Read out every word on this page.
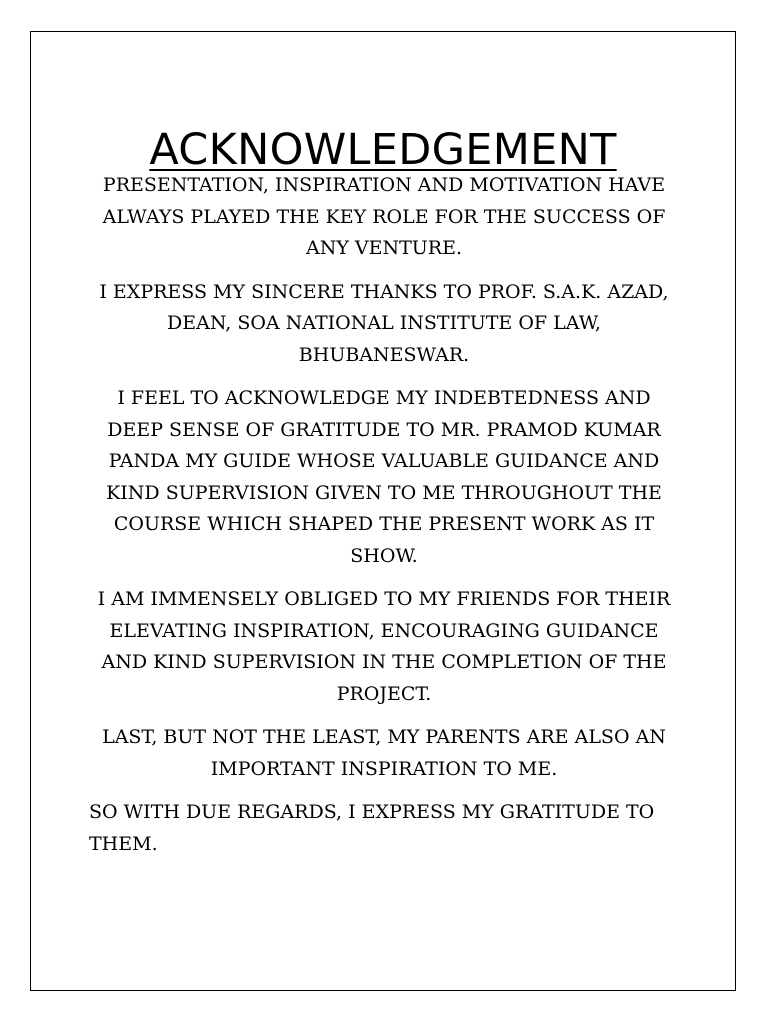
ACKNOWLEDGEMENT

PRESENTATION, INSPIRATION AND MOTIVATION HAVE ALWAYS PLAYED THE KEY ROLE FOR THE SUCCESS OF ANY VENTURE.

I EXPRESS MY SINCERE THANKS TO PROF. S.A.K. AZAD, DEAN, SOA NATIONAL INSTITUTE OF LAW, BHUBANESWAR.

I FEEL TO ACKNOWLEDGE MY INDEBTEDNESS AND DEEP SENSE OF GRATITUDE TO MR. PRAMOD KUMAR PANDA MY GUIDE WHOSE VALUABLE GUIDANCE AND KIND SUPERVISION GIVEN TO ME THROUGHOUT THE COURSE WHICH SHAPED THE PRESENT WORK AS IT SHOW.

I AM IMMENSELY OBLIGED TO MY FRIENDS FOR THEIR ELEVATING INSPIRATION, ENCOURAGING GUIDANCE AND KIND SUPERVISION IN THE COMPLETION OF THE PROJECT.

LAST, BUT NOT THE LEAST, MY PARENTS ARE ALSO AN IMPORTANT INSPIRATION TO ME.

SO WITH DUE REGARDS, I EXPRESS MY GRATITUDE TO THEM.
